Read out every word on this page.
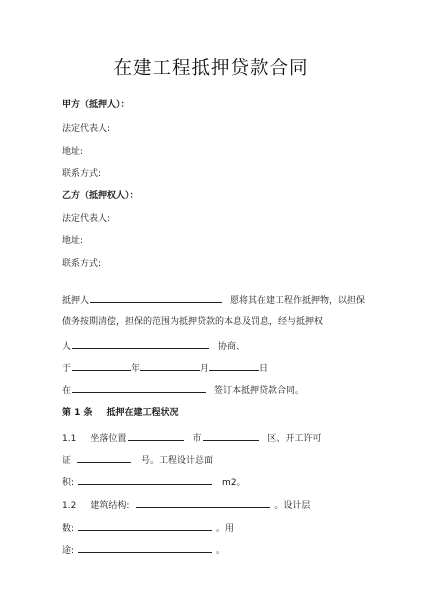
在建工程抵押贷款合同
甲方（抵押人）：
法定代表人:
地址:
联系方式:
乙方（抵押权人）：
法定代表人:
地址:
联系方式:
抵押人	愿将其在建工程作抵押物，以担保
债务按期清偿，担保的范围为抵押贷款的本息及罚息，经与抵押权
人	协商、
于	年	月	日
在	签订本抵押贷款合同。
第 1 条 抵押在建工程状况
1.1 坐落位置	市	区、开工许可
证	号。工程设计总面
积:	m2。
1.2 建筑结构:	。设计层
数:	。用
途:	。
